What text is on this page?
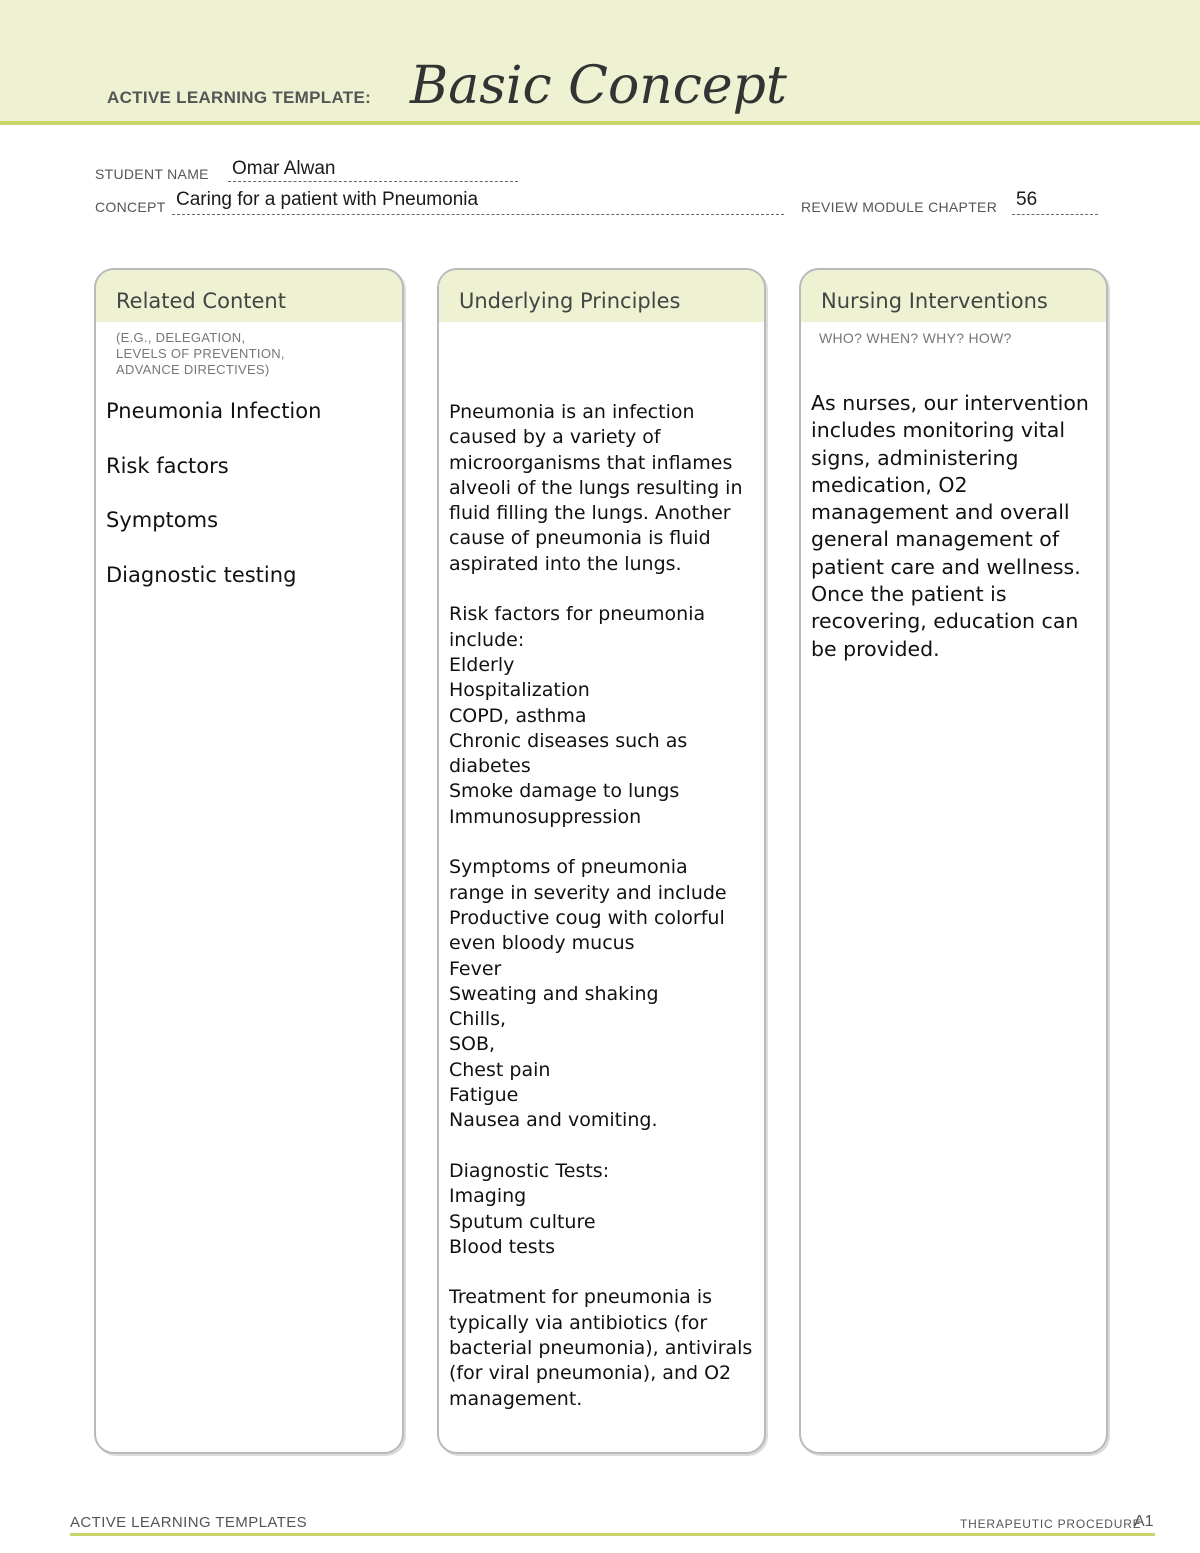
ACTIVE LEARNING TEMPLATE: Basic Concept
STUDENT NAME Omar Alwan
CONCEPT Caring for a patient with Pneumonia	REVIEW MODULE CHAPTER 56
Related Content
(E.G., DELEGATION,
LEVELS OF PREVENTION,
ADVANCE DIRECTIVES)
Pneumonia Infection
Risk factors
Symptoms
Diagnostic testing
Underlying Principles
Pneumonia is an infection
caused by a variety of
microorganisms that inflames
alveoli of the lungs resulting in
fluid filling the lungs. Another
cause of pneumonia is fluid
aspirated into the lungs.

Risk factors for pneumonia
include:
Elderly
Hospitalization
COPD, asthma
Chronic diseases such as
diabetes
Smoke damage to lungs
Immunosuppression

Symptoms of pneumonia
range in severity and include
Productive coug with colorful
even bloody mucus
Fever
Sweating and shaking
Chills,
SOB,
Chest pain
Fatigue
Nausea and vomiting.

Diagnostic Tests:
Imaging
Sputum culture
Blood tests

Treatment for pneumonia is
typically via antibiotics (for
bacterial pneumonia), antivirals
(for viral pneumonia), and O2
management.
Nursing Interventions
WHO? WHEN? WHY? HOW?
As nurses, our intervention
includes monitoring vital
signs, administering
medication, O2
management and overall
general management of
patient care and wellness.
Once the patient is
recovering, education can
be provided.
ACTIVE LEARNING TEMPLATES	THERAPEUTIC PROCEDURE
A1
